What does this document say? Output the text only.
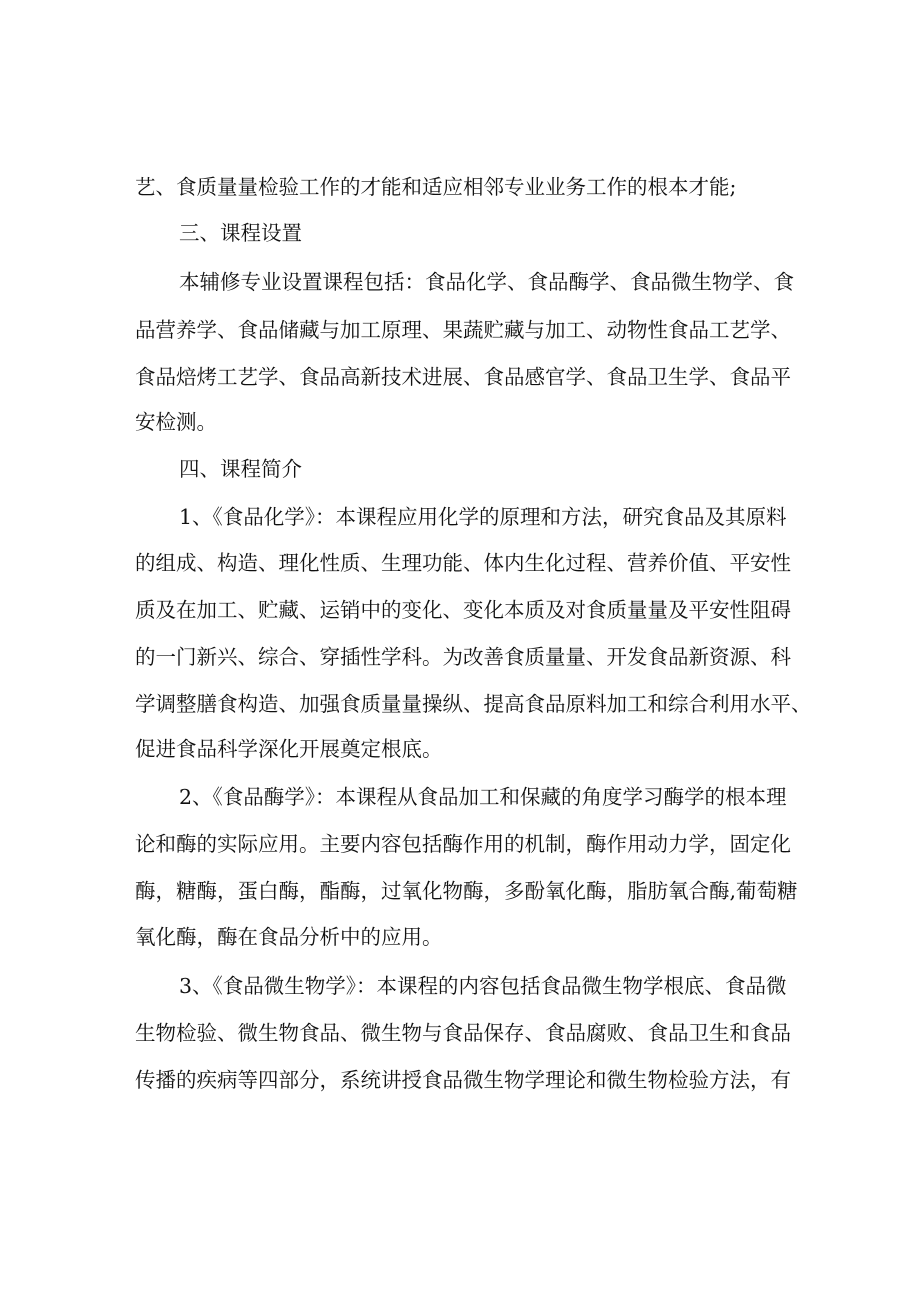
艺、食质量量检验工作的才能和适应相邻专业业务工作的根本才能;
三、课程设置
本辅修专业设置课程包括：食品化学、食品酶学、食品微生物学、食
品营养学、食品储藏与加工原理、果蔬贮藏与加工、动物性食品工艺学、
食品焙烤工艺学、食品高新技术进展、食品感官学、食品卫生学、食品平
安检测。
四、课程简介
1、《食品化学》：本课程应用化学的原理和方法，研究食品及其原料
的组成、构造、理化性质、生理功能、体内生化过程、营养价值、平安性
质及在加工、贮藏、运销中的变化、变化本质及对食质量量及平安性阻碍
的一门新兴、综合、穿插性学科。为改善食质量量、开发食品新资源、科
学调整膳食构造、加强食质量量操纵、提高食品原料加工和综合利用水平、
促进食品科学深化开展奠定根底。
2、《食品酶学》：本课程从食品加工和保藏的角度学习酶学的根本理
论和酶的实际应用。主要内容包括酶作用的机制，酶作用动力学，固定化
酶，糖酶，蛋白酶，酯酶，过氧化物酶，多酚氧化酶，脂肪氧合酶,葡萄糖
氧化酶，酶在食品分析中的应用。
3、《食品微生物学》：本课程的内容包括食品微生物学根底、食品微
生物检验、微生物食品、微生物与食品保存、食品腐败、食品卫生和食品
传播的疾病等四部分，系统讲授食品微生物学理论和微生物检验方法，有
